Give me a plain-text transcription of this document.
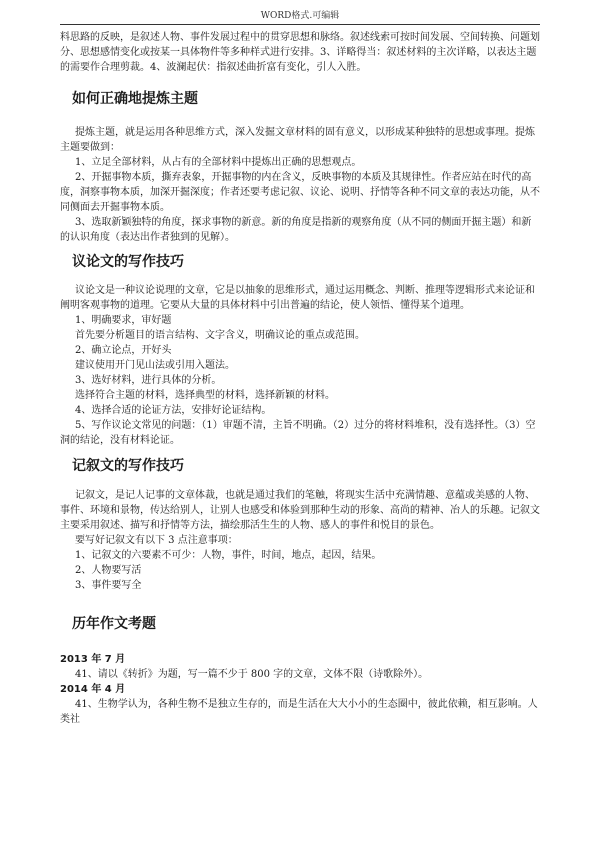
WORD格式.可编辑

料思路的反映，是叙述人物、事件发展过程中的贯穿思想和脉络。叙述线索可按时间发展、空间转换、问题划分、思想感情变化或按某一具体物件等多种样式进行安排。3、详略得当：叙述材料的主次详略，以表达主题的需要作合理剪裁。4、波澜起伏：指叙述曲折富有变化，引人入胜。

如何正确地提炼主题

提炼主题，就是运用各种思维方式，深入发掘文章材料的固有意义，以形成某种独特的思想或事理。提炼主题要做到：

1、立足全部材料，从占有的全部材料中提炼出正确的思想观点。

2、开掘事物本质，撕弃表象，开掘事物的内在含义，反映事物的本质及其规律性。作者应站在时代的高度，洞察事物本质，加深开掘深度；作者还要考虑记叙、议论、说明、抒情等各种不同文章的表达功能，从不同侧面去开掘事物本质。

3、选取新颖独特的角度，探求事物的新意。新的角度是指新的观察角度（从不同的侧面开掘主题）和新的认识角度（表达出作者独到的见解）。

议论文的写作技巧

议论文是一种议论说理的文章，它是以抽象的思维形式，通过运用概念、判断、推理等逻辑形式来论证和阐明客观事物的道理。它要从大量的具体材料中引出普遍的结论，使人领悟、懂得某个道理。

1、明确要求，审好题

首先要分析题目的语言结构、文字含义，明确议论的重点或范围。

2、确立论点，开好头

建议使用开门见山法或引用入题法。

3、选好材料，进行具体的分析。

选择符合主题的材料，选择典型的材料，选择新颖的材料。

4、选择合适的论证方法，安排好论证结构。

5、写作议论文常见的问题：（1）审题不清，主旨不明确。（2）过分的将材料堆积，没有选择性。（3）空洞的结论，没有材料论证。

记叙文的写作技巧

记叙文，是记人记事的文章体裁，也就是通过我们的笔触，将现实生活中充满情趣、意蕴或美感的人物、事件、环境和景物，传达给别人，让别人也感受和体验到那种生动的形象、高尚的精神、冶人的乐趣。记叙文主要采用叙述、描写和抒情等方法，描绘那活生生的人物、感人的事件和悦目的景色。

要写好记叙文有以下 3 点注意事项：

1、记叙文的六要素不可少：人物，事件，时间，地点，起因，结果。

2、人物要写活

3、事件要写全

历年作文考题

2013 年 7 月

41、请以《转折》为题，写一篇不少于 800 字的文章，文体不限（诗歌除外）。

2014 年 4 月

41、生物学认为，各种生物不是独立生存的，而是生活在大大小小的生态圈中，彼此依赖，相互影响。人类社
